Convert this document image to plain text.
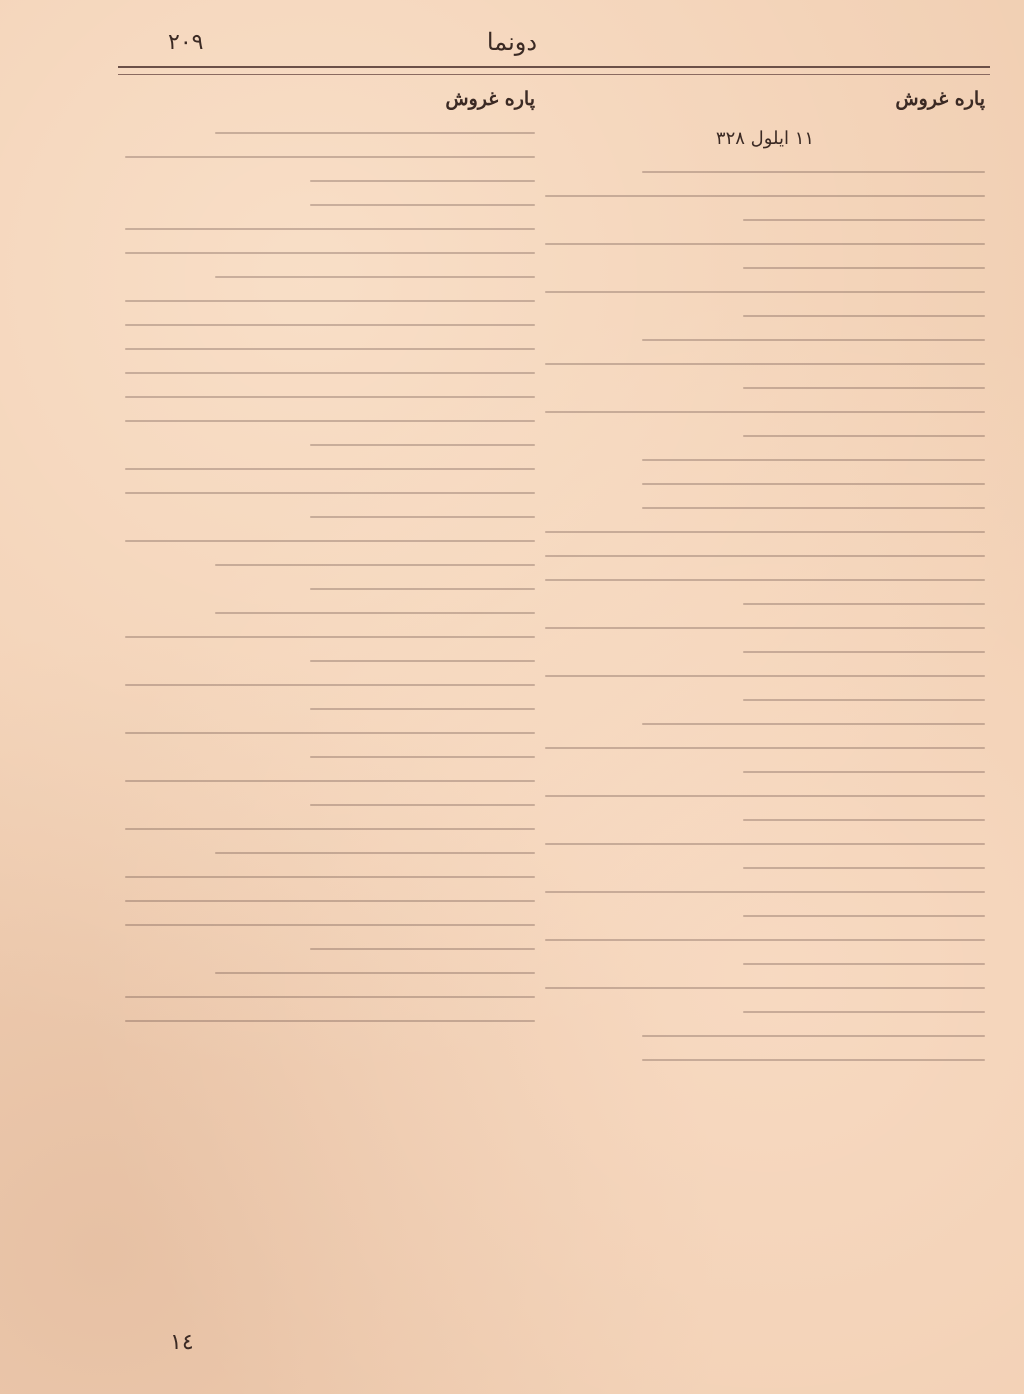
۲۰۹	دونما
پاره غروش
۱۱ ایلول ۳۲۸
پاره غروش
۱٤
